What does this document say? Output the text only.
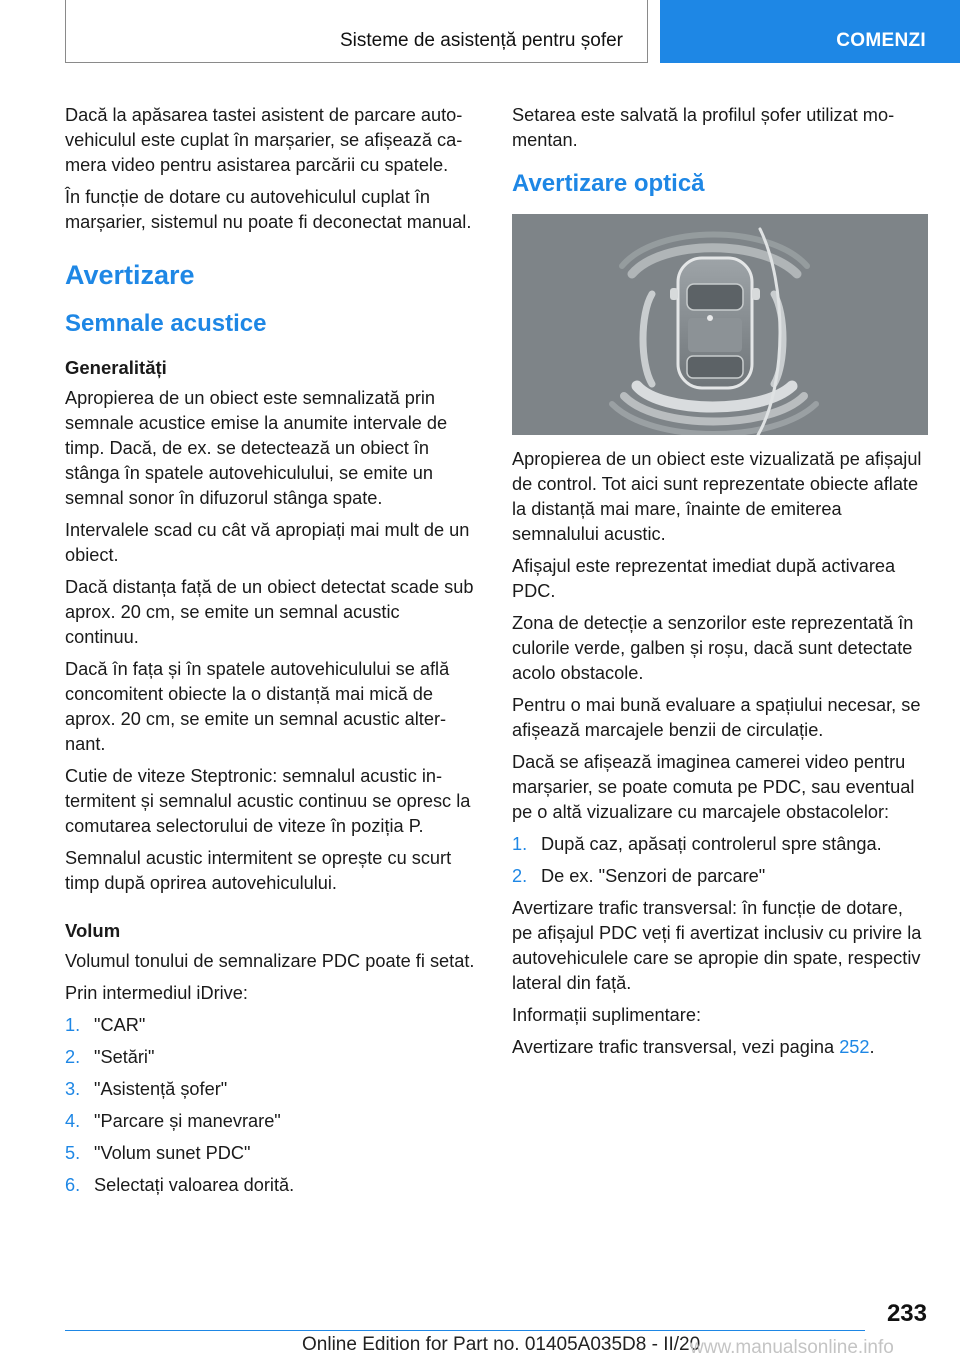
Sisteme de asistență pentru șofer	COMENZI

Dacă la apăsarea tastei asistent de parcare autovehiculul este cuplat în marșarier, se afișează camera video pentru asistarea parcării cu spatele.

În funcție de dotare cu autovehiculul cuplat în marșarier, sistemul nu poate fi deconectat manual.

Avertizare
Semnale acustice
Generalități

Apropierea de un obiect este semnalizată prin semnale acustice emise la anumite intervale de timp. Dacă, de ex. se detectează un obiect în stânga în spatele autovehiculului, se emite un semnal sonor în difuzorul stânga spate.

Intervalele scad cu cât vă apropiați mai mult de un obiect.

Dacă distanța față de un obiect detectat scade sub aprox. 20 cm, se emite un semnal acustic continuu.

Dacă în fața și în spatele autovehiculului se află concomitent obiecte la o distanță mai mică de aprox. 20 cm, se emite un semnal acustic alternant.

Cutie de viteze Steptronic: semnalul acustic intermitent și semnalul acustic continuu se opresc la comutarea selectorului de viteze în poziția P.

Semnalul acustic intermitent se oprește cu scurt timp după oprirea autovehiculului.

Volum

Volumul tonului de semnalizare PDC poate fi setat.

Prin intermediul iDrive:

1. "CAR"
2. "Setări"
3. "Asistență șofer"
4. "Parcare și manevrare"
5. "Volum sunet PDC"
6. Selectați valoarea dorită.

Setarea este salvată la profilul șofer utilizat momentan.

Avertizare optică

Apropierea de un obiect este vizualizată pe afișajul de control. Tot aici sunt reprezentate obiecte aflate la distanță mai mare, înainte de emiterea semnalului acustic.

Afișajul este reprezentat imediat după activarea PDC.

Zona de detecție a senzorilor este reprezentată în culorile verde, galben și roșu, dacă sunt detectate acolo obstacole.

Pentru o mai bună evaluare a spațiului necesar, se afișează marcajele benzii de circulație.

Dacă se afișează imaginea camerei video pentru marșarier, se poate comuta pe PDC, sau eventual pe o altă vizualizare cu marcajele obstacolelor:

1. După caz, apăsați controlerul spre stânga.
2. De ex. "Senzori de parcare"

Avertizare trafic transversal: în funcție de dotare, pe afișajul PDC veți fi avertizat inclusiv cu privire la autovehiculele care se apropie din spate, respectiv lateral din față.

Informații suplimentare:

Avertizare trafic transversal, vezi pagina 252.

233
Online Edition for Part no. 01405A035D8 - II/20
www.manualsonline.info
